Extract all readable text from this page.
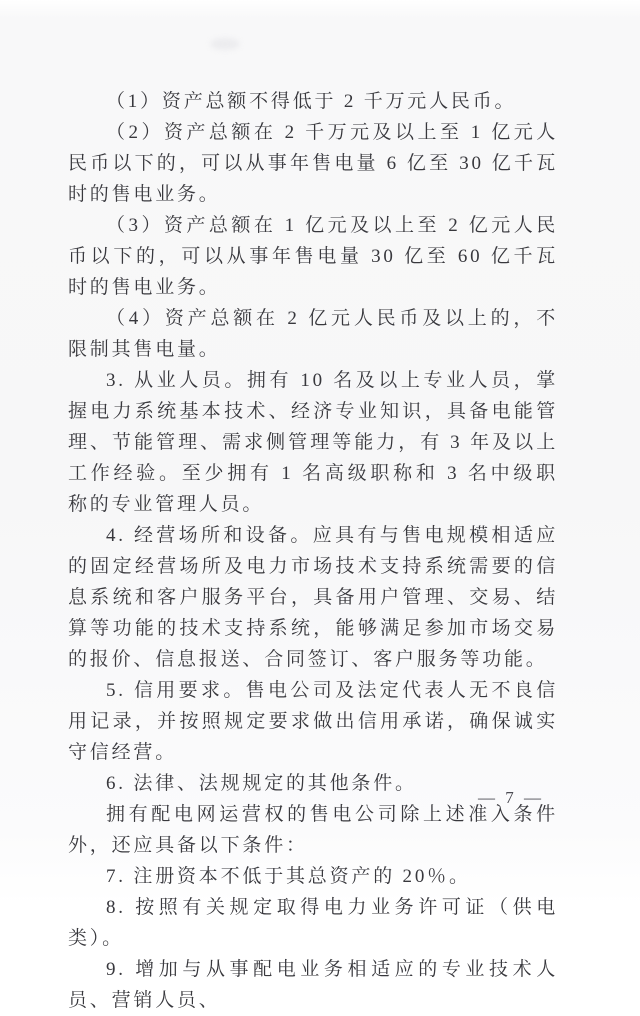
（1）资产总额不得低于 2 千万元人民币。

（2）资产总额在 2 千万元及以上至 1 亿元人民币以下的，可以从事年售电量 6 亿至 30 亿千瓦时的售电业务。

（3）资产总额在 1 亿元及以上至 2 亿元人民币以下的，可以从事年售电量 30 亿至 60 亿千瓦时的售电业务。

（4）资产总额在 2 亿元人民币及以上的，不限制其售电量。

3. 从业人员。拥有 10 名及以上专业人员，掌握电力系统基本技术、经济专业知识，具备电能管理、节能管理、需求侧管理等能力，有 3 年及以上工作经验。至少拥有 1 名高级职称和 3 名中级职称的专业管理人员。

4. 经营场所和设备。应具有与售电规模相适应的固定经营场所及电力市场技术支持系统需要的信息系统和客户服务平台，具备用户管理、交易、结算等功能的技术支持系统，能够满足参加市场交易的报价、信息报送、合同签订、客户服务等功能。

5. 信用要求。售电公司及法定代表人无不良信用记录，并按照规定要求做出信用承诺，确保诚实守信经营。

6. 法律、法规规定的其他条件。

拥有配电网运营权的售电公司除上述准入条件外，还应具备以下条件：

7. 注册资本不低于其总资产的 20％。

8. 按照有关规定取得电力业务许可证（供电类）。

9. 增加与从事配电业务相适应的专业技术人员、营销人员、

— 7 —
